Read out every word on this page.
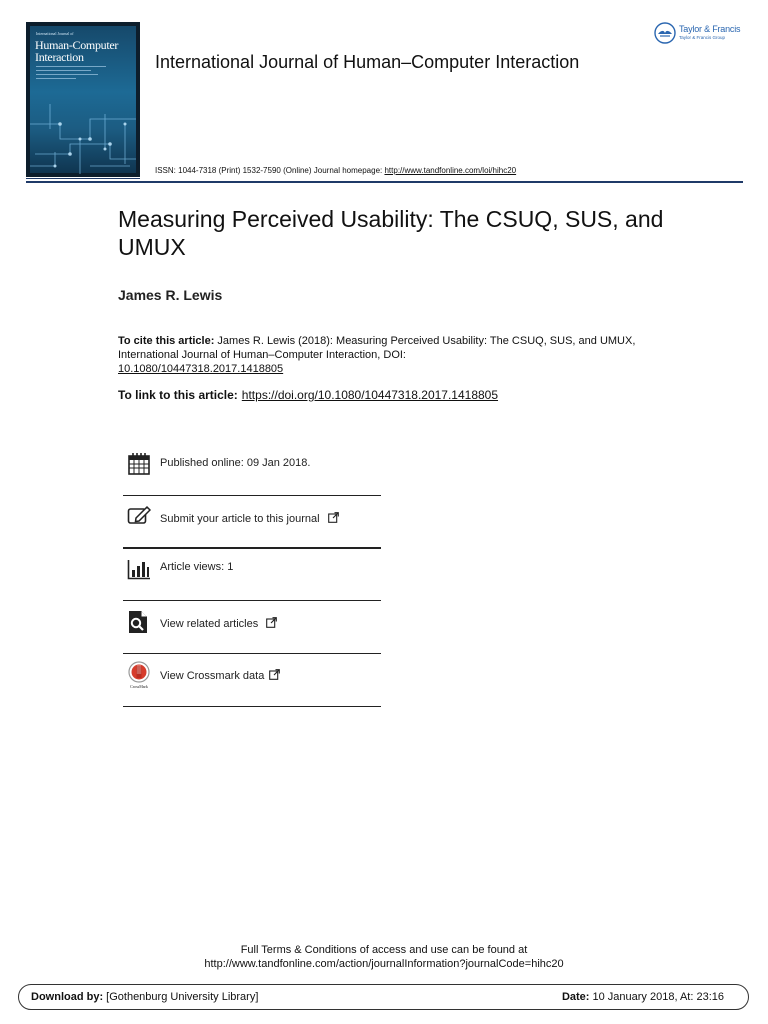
International Journal of
Human-Computer
Interaction	International Journal of Human–Computer Interaction
Taylor & Francis
Taylor & Francis Group
ISSN: 1044-7318 (Print) 1532-7590 (Online) Journal homepage: http://www.tandfonline.com/loi/hihc20
Measuring Perceived Usability: The CSUQ, SUS, and UMUX
James R. Lewis
To cite this article: James R. Lewis (2018): Measuring Perceived Usability: The CSUQ, SUS, and UMUX, International Journal of Human–Computer Interaction, DOI:
10.1080/10447318.2017.1418805
To link to this article: https://doi.org/10.1080/10447318.2017.1418805
Published online: 09 Jan 2018.
Submit your article to this journal
Article views: 1
View related articles
CrossMark
View Crossmark data
Full Terms & Conditions of access and use can be found at
http://www.tandfonline.com/action/journalInformation?journalCode=hihc20
Download by: [Gothenburg University Library]	Date: 10 January 2018, At: 23:16
